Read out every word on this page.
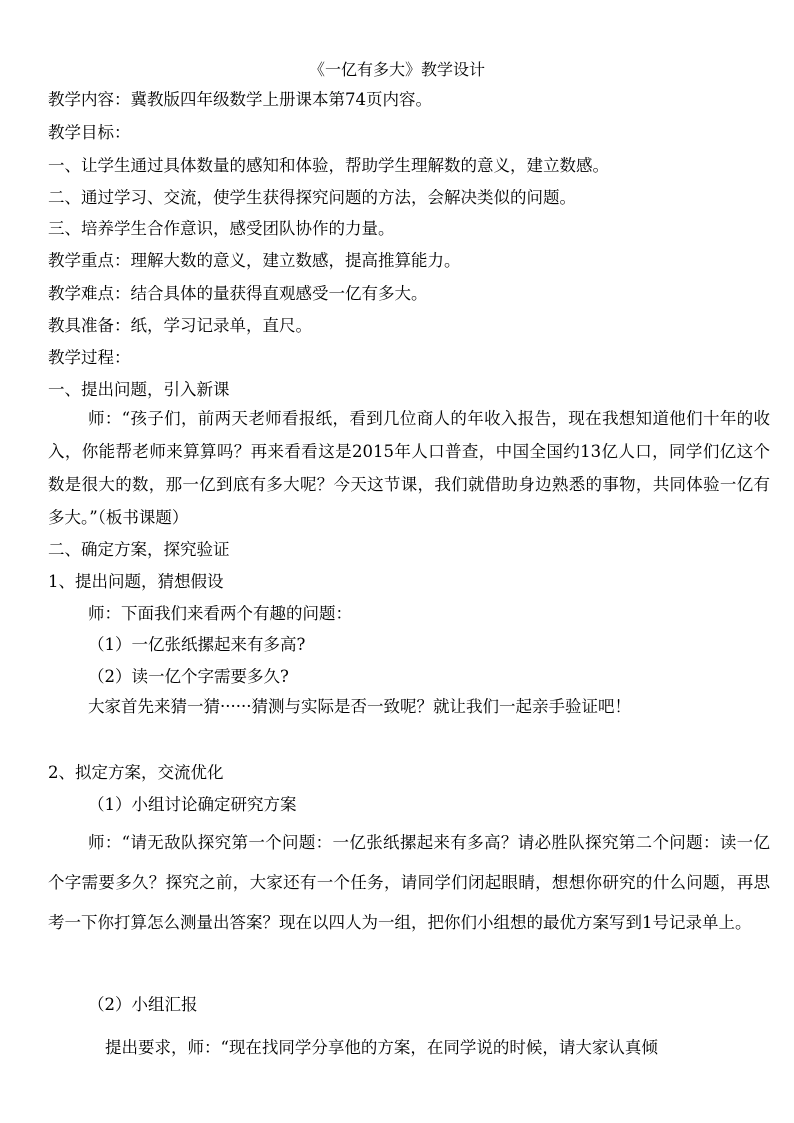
《一亿有多大》教学设计
教学内容：冀教版四年级数学上册课本第74页内容。
教学目标：
一、让学生通过具体数量的感知和体验，帮助学生理解数的意义，建立数感。
二、通过学习、交流，使学生获得探究问题的方法，会解决类似的问题。
三、培养学生合作意识，感受团队协作的力量。
教学重点：理解大数的意义，建立数感，提高推算能力。
教学难点：结合具体的量获得直观感受一亿有多大。
教具准备：纸，学习记录单，直尺。
教学过程：
一、提出问题，引入新课
师：“孩子们，前两天老师看报纸，看到几位商人的年收入报告，现在我想知道他们十年的收入，你能帮老师来算算吗？再来看看这是2015年人口普查，中国全国约13亿人口，同学们亿这个数是很大的数，那一亿到底有多大呢？今天这节课，我们就借助身边熟悉的事物，共同体验一亿有多大。”（板书课题）
二、确定方案，探究验证
1、提出问题，猜想假设
师：下面我们来看两个有趣的问题：
（1）一亿张纸摞起来有多高?
（2）读一亿个字需要多久?
大家首先来猜一猜······猜测与实际是否一致呢？就让我们一起亲手验证吧！
2、拟定方案，交流优化
（1）小组讨论确定研究方案
师：“请无敌队探究第一个问题：一亿张纸摞起来有多高？请必胜队探究第二个问题：读一亿个字需要多久？探究之前，大家还有一个任务，请同学们闭起眼睛，想想你研究的什么问题，再思考一下你打算怎么测量出答案？现在以四人为一组，把你们小组想的最优方案写到1号记录单上。
（2）小组汇报
提出要求，师：“现在找同学分享他的方案，在同学说的时候，请大家认真倾
